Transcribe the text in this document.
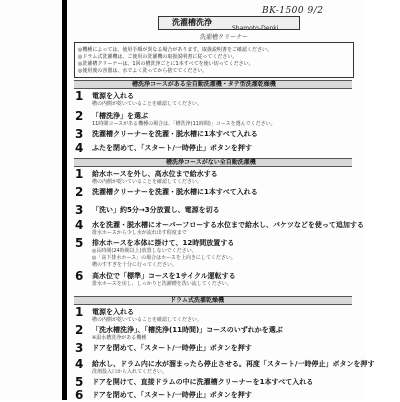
BK-1500 9/2
洗濯槽洗浄
Shamoto-Denki
洗濯槽クリーナー
◎機種によっては、使用手順が異なる場合があります。取扱説明書をご確認ください。
◎ドラム式洗濯機は、ご使用の洗濯機の取扱説明書に従ってください。
◎洗濯槽クリーナーは、1回の槽洗浄ごとに1本すべてを使い切ってください。
◎使用後の容器は、水でよく洗ってから捨ててください。
槽洗浄コースがある全自動洗濯機・タテ型洗濯乾燥機
1 電源を入れる
槽の内側が乾いていることを確認してください。
2 「槽洗浄」を選ぶ
11時間コースがある機種の場合は、「槽洗浄(11時間)」コースを選んでください。
3 洗濯槽クリーナーを洗濯・脱水槽に1本すべて入れる
4 ふたを閉めて、「スタート/一時停止」ボタンを押す
槽洗浄コースがない全自動洗濯機
1 給水ホースを外し、高水位まで給水する
槽の内側が乾いていることを確認してください。
2 洗濯槽クリーナーを洗濯・脱水槽に1本すべて入れる
3 「洗い」約5分→3分放置し、電源を切る
4 水を洗濯・脱水槽にオーバーフローする水位まで給水し、バケツなどを使って追加する
排水ホースから少し水が流れ出す程度まで
5 排水ホースを本体に掛けて、12時間放置する
◎長時間(24時間以上)放置しないでください。
◎「高下排水ホース」の場合はホースを上向きにしてください。
槽のすすぎを十分に行ってください。
6 高水位で「標準」コースを1サイクル運転する
排水ホースを戻し、しっかりと洗濯槽を洗い流してください。
ドラム式洗濯乾燥機
1 電源を入れる
槽の内側が乾いていることを確認してください。
2 「洗水槽洗浄」、「槽洗浄(11時間)」コースのいずれかを選ぶ
※温水槽洗浄がある機種
3 ドアを閉めて、「スタート/一時停止」ボタンを押す
4 給水し、ドラム内に水が溜まったら停止させる。再度「スタート/一時停止」ボタンを押す
洗剤投入口から入れてください。
5 ドアを開けて、直接ドラムの中に洗濯槽クリーナーを1本すべて入れる
6 ドアを閉めて、「スタート/一時停止」ボタンを押す
